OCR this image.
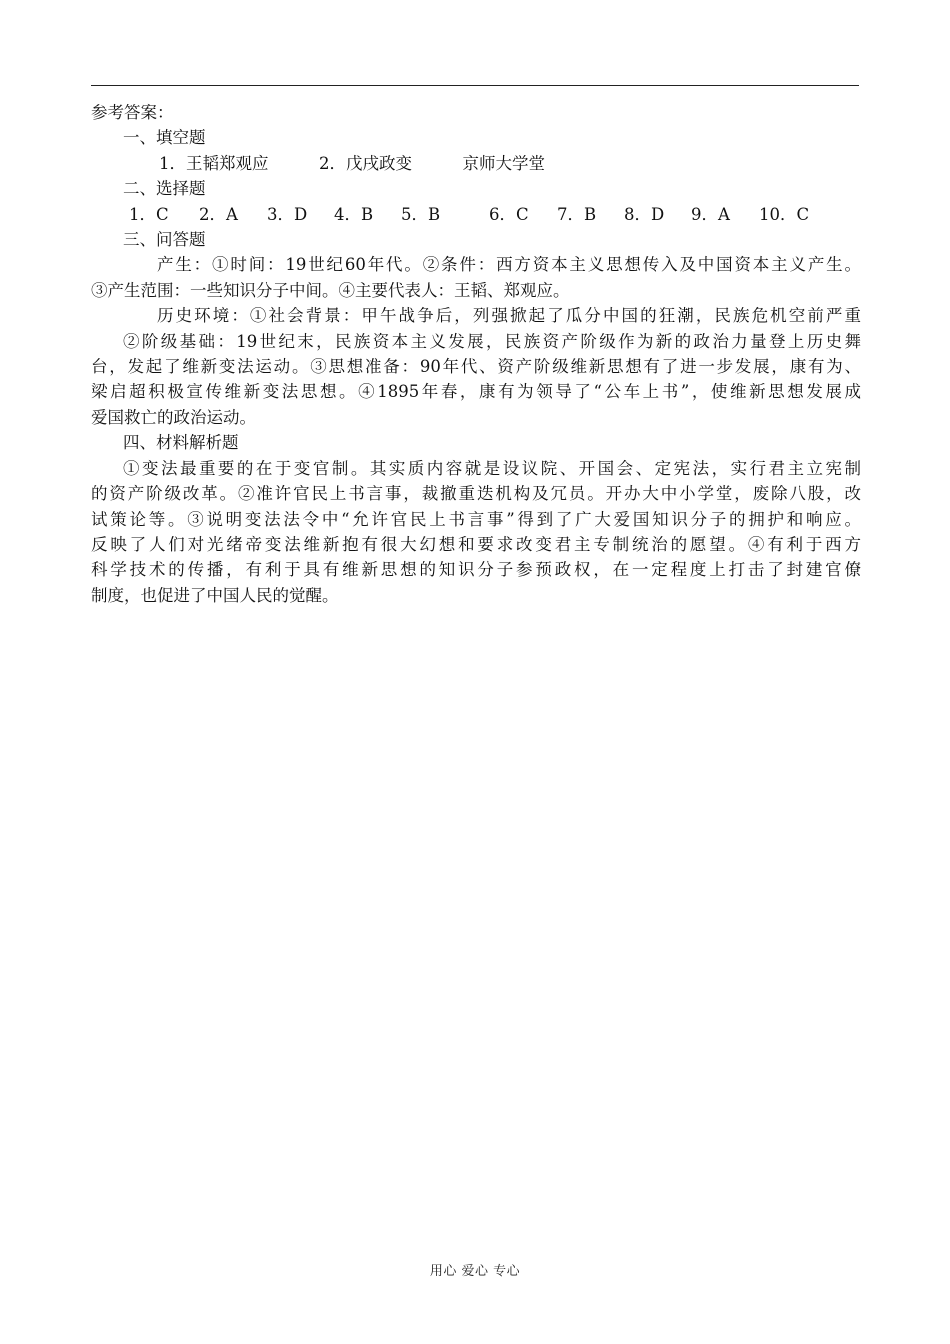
参考答案：
一、填空题
1．王韬郑观应	2．戊戌政变	京师大学堂
二、选择题
1．C	2．A	3．D	4．B	5．B	6．C	7．B	8．D	9．A	10．C
三、问答题
产生：①时间：19世纪60年代。②条件：西方资本主义思想传入及中国资本主义产生。
③产生范围：一些知识分子中间。④主要代表人：王韬、郑观应。
历史环境：①社会背景：甲午战争后，列强掀起了瓜分中国的狂潮，民族危机空前严重
②阶级基础：19世纪末，民族资本主义发展，民族资产阶级作为新的政治力量登上历史舞
台，发起了维新变法运动。③思想准备：90年代、资产阶级维新思想有了进一步发展，康有为、
梁启超积极宣传维新变法思想。④1895年春，康有为领导了“公车上书”，使维新思想发展成
爱国救亡的政治运动。
四、材料解析题
①变法最重要的在于变官制。其实质内容就是设议院、开国会、定宪法，实行君主立宪制
的资产阶级改革。②准许官民上书言事，裁撤重迭机构及冗员。开办大中小学堂，废除八股，改
试策论等。③说明变法法令中“允许官民上书言事”得到了广大爱国知识分子的拥护和响应。
反映了人们对光绪帝变法维新抱有很大幻想和要求改变君主专制统治的愿望。④有利于西方
科学技术的传播，有利于具有维新思想的知识分子参预政权，在一定程度上打击了封建官僚
制度，也促进了中国人民的觉醒。
用心 爱心 专心
